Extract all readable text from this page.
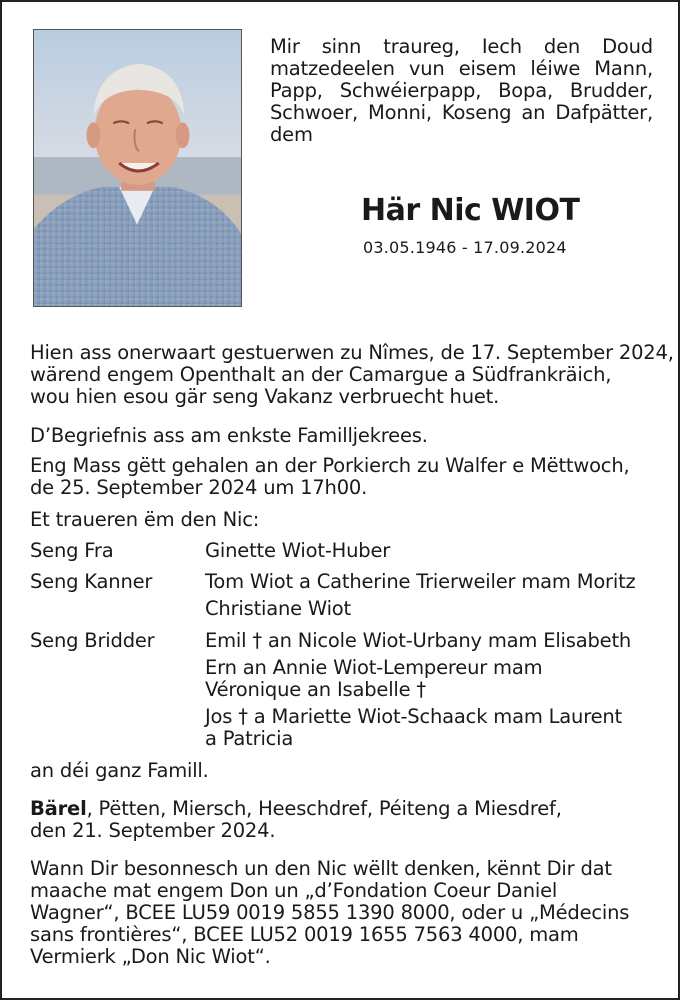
Mir sinn traureg, Iech den Doud matzedeelen vun eisem léiwe Mann, Papp, Schwéierpapp, Bopa, Brudder, Schwoer, Monni, Koseng an Dafpätter, dem
Här Nic WIOT
03.05.1946 - 17.09.2024
Hien ass onerwaart gestuerwen zu Nîmes, de 17. September 2024,
wärend engem Openthalt an der Camargue a Südfrankräich,
wou hien esou gär seng Vakanz verbruecht huet.
D’Begriefnis ass am enkste Familljekrees.
Eng Mass gëtt gehalen an der Porkierch zu Walfer e Mëttwoch,
de 25. September 2024 um 17h00.
Et traueren ëm den Nic:
Seng Fra	Ginette Wiot-Huber
Seng Kanner	Tom Wiot a Catherine Trierweiler mam Moritz
Christiane Wiot
Seng Bridder	Emil † an Nicole Wiot-Urbany mam Elisabeth
Ern an Annie Wiot-Lempereur mam
Véronique an Isabelle †
Jos † a Mariette Wiot-Schaack mam Laurent
a Patricia
an déi ganz Famill.
Bärel, Pëtten, Miersch, Heeschdref, Péiteng a Miesdref,
den 21. September 2024.
Wann Dir besonnesch un den Nic wëllt denken, kënnt Dir dat
maache mat engem Don un „d’Fondation Coeur Daniel
Wagner“, BCEE LU59 0019 5855 1390 8000, oder u „Médecins
sans frontières“, BCEE LU52 0019 1655 7563 4000, mam
Vermierk „Don Nic Wiot“.
